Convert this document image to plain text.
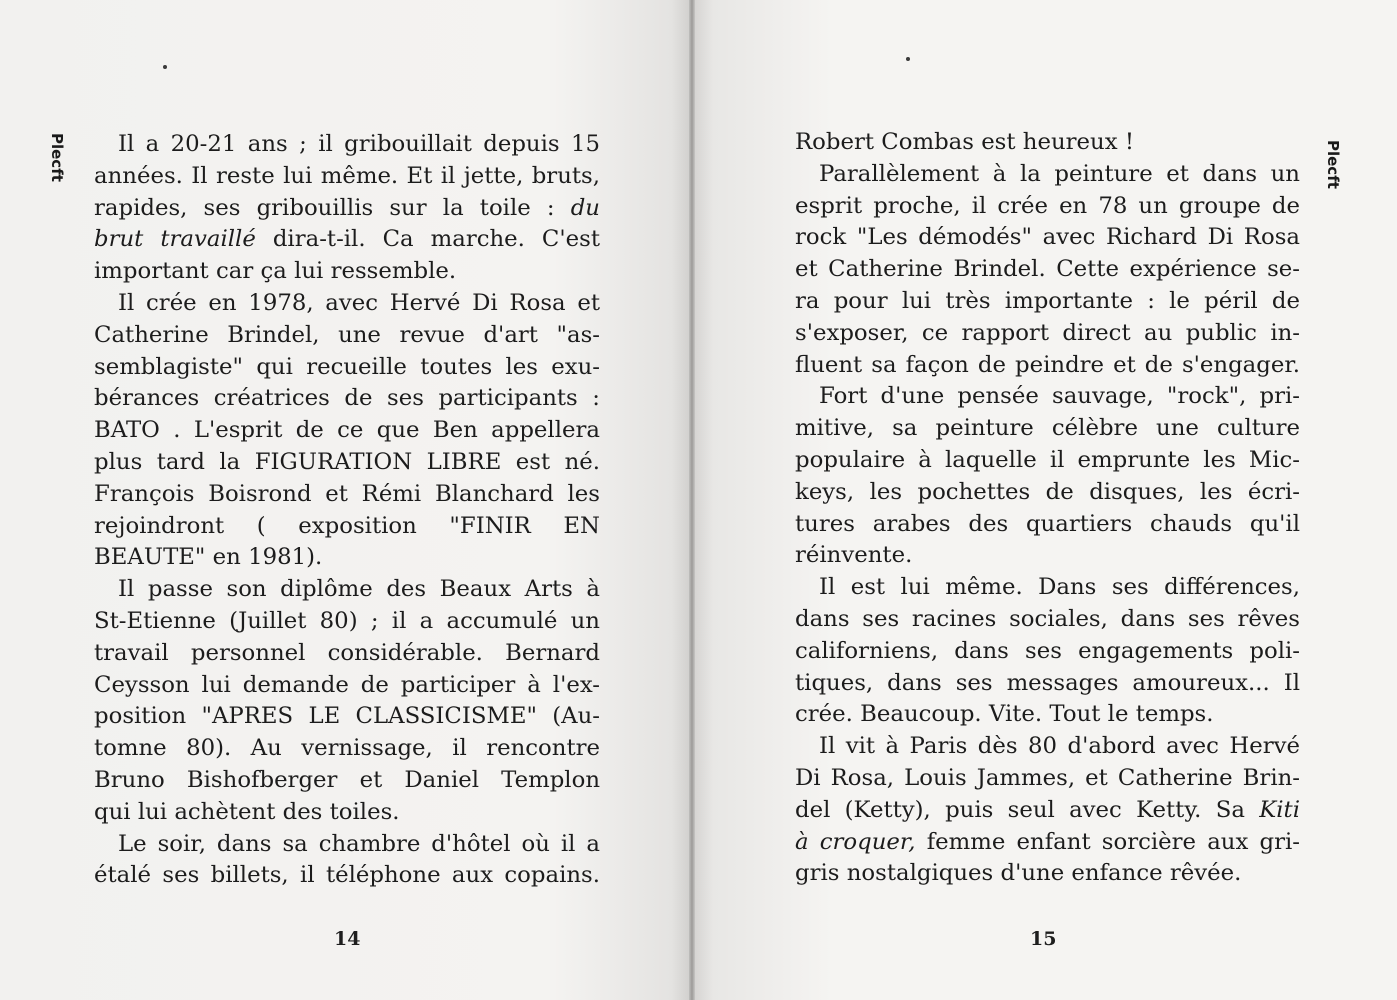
Plecft	Il a 20-21 ans ; il gribouillait depuis 15
années. Il reste lui même. Et il jette, bruts,
rapides, ses gribouillis sur la toile : du
brut travaillé dira-t-il. Ca marche. C'est
important car ça lui ressemble.
Il crée en 1978, avec Hervé Di Rosa et
Catherine Brindel, une revue d'art "as-
semblagiste" qui recueille toutes les exu-
bérances créatrices de ses participants :
BATO . L'esprit de ce que Ben appellera
plus tard la FIGURATION LIBRE est né.
François Boisrond et Rémi Blanchard les
rejoindront ( exposition "FINIR EN
BEAUTE" en 1981).
Il passe son diplôme des Beaux Arts à
St-Etienne (Juillet 80) ; il a accumulé un
travail personnel considérable. Bernard
Ceysson lui demande de participer à l'ex-
position "APRES LE CLASSICISME" (Au-
tomne 80). Au vernissage, il rencontre
Bruno Bishofberger et Daniel Templon
qui lui achètent des toiles.
Le soir, dans sa chambre d'hôtel où il a
étalé ses billets, il téléphone aux copains.
14
Plecft
15
Robert Combas est heureux !
Parallèlement à la peinture et dans un
esprit proche, il crée en 78 un groupe de
rock "Les démodés" avec Richard Di Rosa
et Catherine Brindel. Cette expérience se-
ra pour lui très importante : le péril de
s'exposer, ce rapport direct au public in-
fluent sa façon de peindre et de s'engager.
Fort d'une pensée sauvage, "rock", pri-
mitive, sa peinture célèbre une culture
populaire à laquelle il emprunte les Mic-
keys, les pochettes de disques, les écri-
tures arabes des quartiers chauds qu'il
réinvente.
Il est lui même. Dans ses différences,
dans ses racines sociales, dans ses rêves
californiens, dans ses engagements poli-
tiques, dans ses messages amoureux... Il
crée. Beaucoup. Vite. Tout le temps.
Il vit à Paris dès 80 d'abord avec Hervé
Di Rosa, Louis Jammes, et Catherine Brin-
del (Ketty), puis seul avec Ketty. Sa Kiti
à croquer, femme enfant sorcière aux gri-
gris nostalgiques d'une enfance rêvée.
